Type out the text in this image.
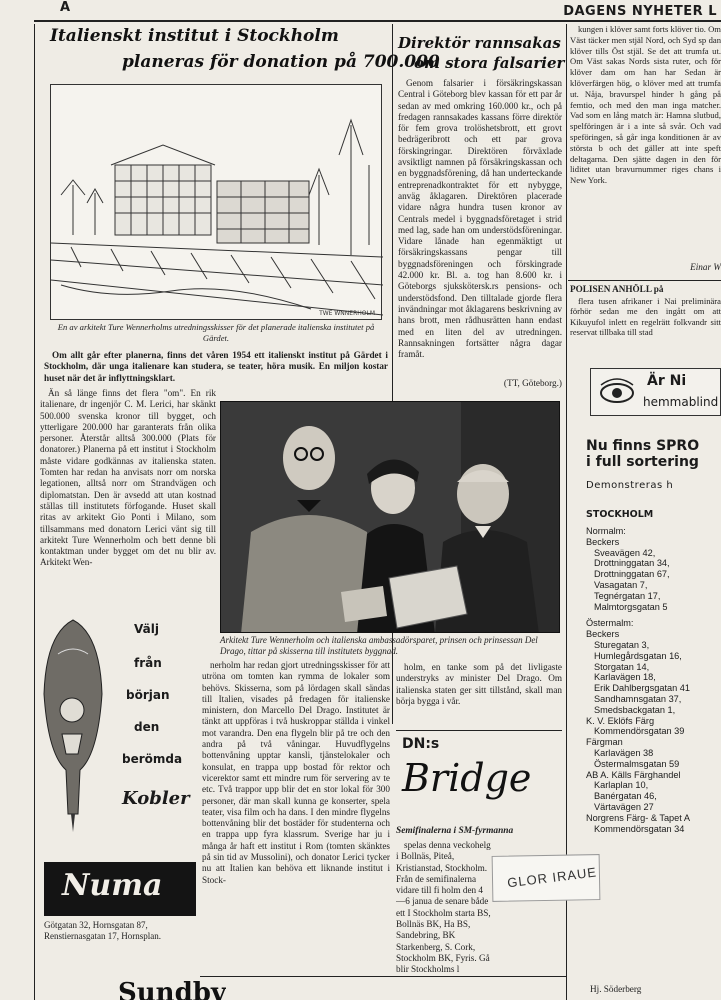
A	DAGENS NYHETER L
Italienskt institut i Stockholm
planeras för donation på 700.000
TWE WNNERHOLM
En av arkitekt Ture Wennerholms utredningsskisser för det planerade italienska institutet på Gärdet.

Om allt går efter planerna, finns det våren 1954 ett italienskt institut på Gärdet i Stockholm, där unga italienare kan studera, se teater, höra musik. En miljon kostar huset när det är inflyttningsklart.

Än så länge finns det flera "om". En rik italienare, dr ingenjör C. M. Lerici, har skänkt 500.000 svenska kronor till bygget, och ytterligare 200.000 har garanterats från olika personer. Återstår alltså 300.000 (Plats för donatorer.) Planerna på ett institut i Stockholm måste vidare godkännas av italienska staten. Tomten har redan ha anvisats norr om norska legationen, alltså norr om Strandvägen och diplomatstan. Den är avsedd att utan kostnad ställas till institutets förfogande. Huset skall ritas av arkitekt Gio Ponti i Milano, som tillsammans med donatorn Lerici vänt sig till arkitekt Ture Wennerholm och bett denne bli kontaktman under bygget om det nu blir av. Arkitekt Wen-

Arkitekt Ture Wennerholm och italienska ambassadörsparet, prinsen och prinsessan Del Drago, tittar på skisserna till institutets byggnad.

nerholm har redan gjort utredningsskisser för att utröna om tomten kan rymma de lokaler som behövs. Skisserna, som på lördagen skall sändas till Italien, visades på fredagen för italienske ministern, don Marcello Del Drago. Institutet är tänkt att uppföras i två huskroppar ställda i vinkel mot varandra. Den ena flygeln blir på tre och den andra på två våningar. Huvudflygelns bottenvåning upptar kansli, tjänstelokaler och konsulat, en trappa upp bostad för rektor och vicerektor samt ett mindre rum för servering av te etc. Två trappor upp blir det en stor lokal för 300 personer, där man skall kunna ge konserter, spela teater, visa film och ha dans. I den mindre flygelns bottenvåning blir det bostäder för studenterna och en trappa upp fyra klassrum. Sverige har ju i många år haft ett institut i Rom (tomten skänktes på sin tid av Mussolini), och donator Lerici tycker nu att Italien kan behöva ett liknande institut i Stock-

holm, en tanke som på det livligaste understryks av minister Del Drago. Om italienska staten ger sitt tillstånd, skall man börja bygga i vår.

Direktör rannsakas
om stora falsarier

Genom falsarier i försäkringskassan Central i Göteborg blev kassan för ett par år sedan av med omkring 160.000 kr., och på fredagen rannsakades kassans förre direktör för fem grova trolöshetsbrott, ett grovt bedrägeribrott och ett par grova förskingringar. Direktören förväxlade avsiktligt namnen på försäkringskassan och en byggnadsförening, då han underteckande entreprenadkontraktet för ett nybygge, anväg åklagaren. Direktören placerade vidare några hundra tusen kronor av Centrals medel i byggnadsföretaget i strid med lag, sade han om understödsföreningar. Vidare lånade han egenmäktigt ut försäkringskassans pengar till byggnadsföreningen och förskingrade 42.000 kr. Bl. a. tog han 8.600 kr. i Göteborgs sjukskötersk.rs pensions- och understödsfond. Den tilltalade gjorde flera invändningar mot åklagarens beskrivning av hans brott, men rådhusrätten hann endast med en liten del av utredningen. Rannsakningen fortsätter några dagar framåt.

(TT, Göteborg.)

kungen i klöver samt forts klöver tio. Om Väst täcker men stjäl Nord, och Syd sp dan klöver tills Öst stjäl. Se det att trumfa ut. Om Väst sakas Nords sista ruter, och för klöver dam om han har Sedan är klöverfärgen hög, o klöver med att trumfa ut. Nåja, bravurspel hinder h gång på femtio, och med den man inga matcher. Vad som en lång match är: Hamna slutbud, spelföringen är i a inte så svår. Och vad speföringen, så går inga konditionen är av största b och det gäller att inte speft deltagarna. Den sjätte dagen in den för liditet utan bravurnummer riges chans i New York.

Einar W
POLISEN ANHÖLL på

flera tusen afrikaner i Nai preliminära förhör sedan me den ingått om att Kikuyufol inlett en regelrätt folkvandr sitt reservat tillbaka till stad

Är Ni
hemmablind
Nu finns SPRO
i full sortering
Demonstreras h
STOCKHOLM
Normalm:
Beckers
Sveavägen 42,
Drottninggatan 34,
Drottninggatan 67,
Vasagatan 7,
Tegnérgatan 17,
Malmtorgsgatan 5
Östermalm:
Beckers
Sturegatan 3,
Humlegårdsgatan 16,
Storgatan 14,
Karlavägen 18,
Erik Dahlbergsgatan 41
Sandhamnsgatan 37,
Smedsbackgatan 1,
K. V. Eklöfs Färg
Kommendörsgatan 39
Färgman
Karlavägen 38
Östermalmsgatan 59
AB A. Källs Färghandel
Karlaplan 10,
Banérgatan 46,
Värtavägen 27
Norgrens Färg- & Tapet A
Kommendörsgatan 34
Hj. Söderberg
Välj
från
början
den
berömda
Kobler
Numa
Götgatan 32, Hornsgatan 87, Renstiernasgatan 17, Hornsplan.
DN:s
Bridge
Semifinalerna i SM-fyrmanna

spelas denna veckohelg i Bollnäs, Piteå, Kristianstad, Stockholm. Från de semifinalerna vidare till fi holm den 4—6 janua de senare både ett I Stockholm starta BS, Bollnäs BK, Ha BS, Sandebring, BK Starkenberg, S. Cork, Stockholm BK, Fyris. Gå blir Stockholms l

GLOR IRAUE
Sundbv
